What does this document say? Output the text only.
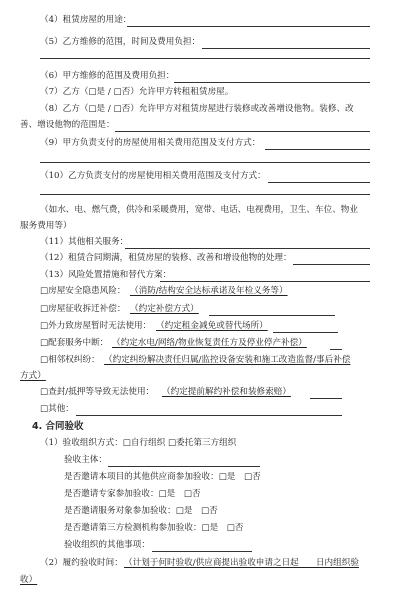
（4）租赁房屋的用途：
（5）乙方维修的范围，时间及费用负担：
（6）甲方维修的范围及费用负担：
（7）乙方（□是 / □否）允许甲方转租租赁房屋。
（8）乙方（□是 / □否）允许甲方对租赁房屋进行装修或改善增设他物。装修、改
善、增设他物的范围是：
（9）甲方负责支付的房屋使用相关费用范围及支付方式：
（10）乙方负责支付的房屋使用相关费用范围及支付方式：
（如水、电、燃气费，供冷和采暖费用，宽带、电话、电视费用，卫生、车位、物业
服务费用等）
（11）其他相关服务：
（12）租赁合同期满，租赁房屋的装修、改善和增设他物的处理：
（13）风险处置措施和替代方案：
□房屋安全隐患风险： （消防/结构安全达标承诺及年检义务等）
□房屋征收拆迁补偿： （约定补偿方式）
□外力致房屋暂时无法使用： （约定租金减免或替代场所）
□配套服务中断： （约定水电/网络/物业恢复责任方及停业停产补偿）
□相邻权纠纷： （约定纠纷解决责任归属/监控设备安装和施工改造监督/事后补偿
方式）
□查封/抵押等导致无法使用： （约定提前解约补偿和装修索赔）
□其他：
4. 合同验收
（1）验收组织方式：□自行组织 □委托第三方组织
验收主体：
是否邀请本项目的其他供应商参加验收：□是　□否
是否邀请专家参加验收：□是　□否
是否邀请服务对象参加验收：□是　□否
是否邀请第三方检测机构参加验收：□是　□否
验收组织的其他事项：
（2）履约验收时间： （计划于何时验收/供应商提出验收申请之日起　　日内组织验
收）
